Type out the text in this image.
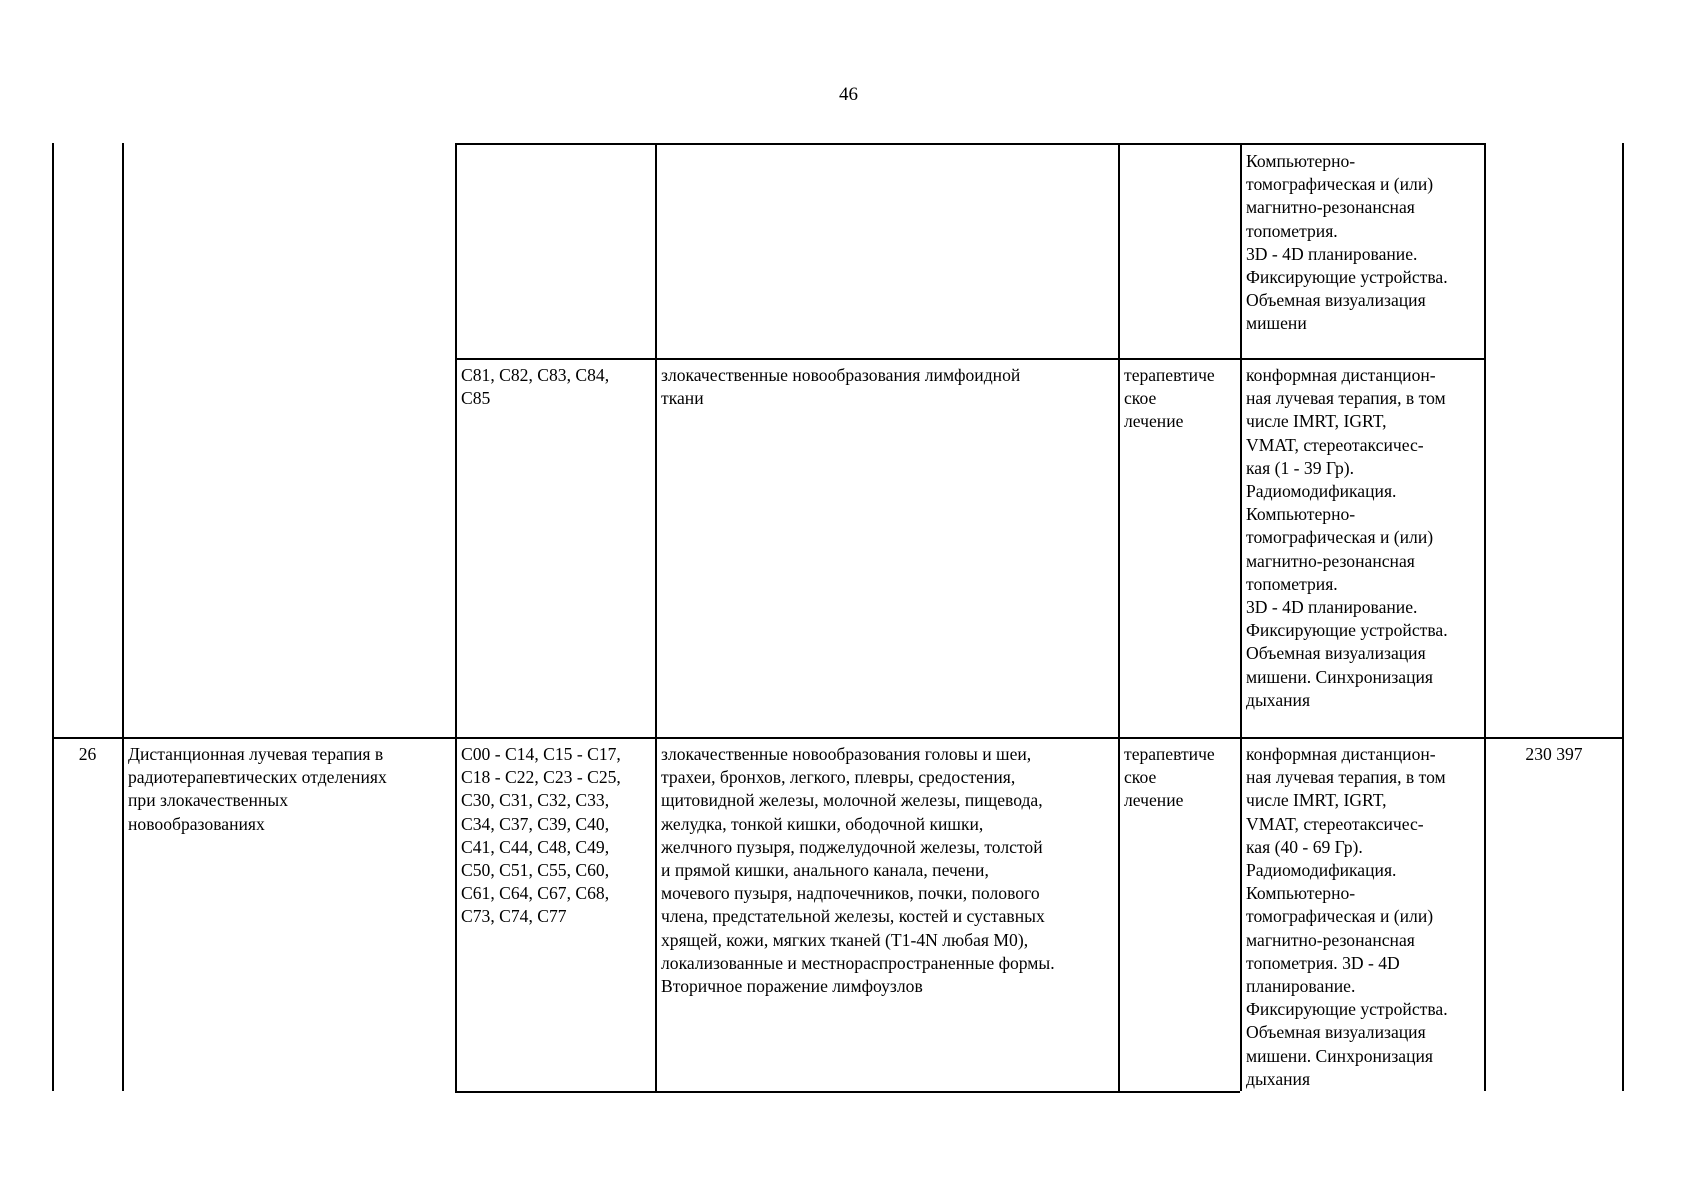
46
Компьютерно-
томографическая и (или)
магнитно-резонансная
топометрия.
3D - 4D планирование.
Фиксирующие устройства.
Объемная визуализация
мишени
C81, C82, C83, C84,
C85
злокачественные новообразования лимфоидной
ткани
терапевтиче
ское
лечение
конформная дистанцион-
ная лучевая терапия, в том
числе IMRT, IGRT,
VMAT, стереотаксичес-
кая (1 - 39 Гр).
Радиомодификация.
Компьютерно-
томографическая и (или)
магнитно-резонансная
топометрия.
3D - 4D планирование.
Фиксирующие устройства.
Объемная визуализация
мишени. Синхронизация
дыхания
26	Дистанционная лучевая терапия в
радиотерапевтических отделениях
при злокачественных
новообразованиях
C00 - C14, C15 - C17,
C18 - C22, C23 - C25,
C30, C31, C32, C33,
C34, C37, C39, C40,
C41, C44, C48, C49,
C50, C51, C55, C60,
C61, C64, C67, C68,
C73, C74, C77
злокачественные новообразования головы и шеи,
трахеи, бронхов, легкого, плевры, средостения,
щитовидной железы, молочной железы, пищевода,
желудка, тонкой кишки, ободочной кишки,
желчного пузыря, поджелудочной железы, толстой
и прямой кишки, анального канала, печени,
мочевого пузыря, надпочечников, почки, полового
члена, предстательной железы, костей и суставных
хрящей, кожи, мягких тканей (T1-4N любая M0),
локализованные и местнораспространенные формы.
Вторичное поражение лимфоузлов
терапевтиче
ское
лечение
конформная дистанцион-
ная лучевая терапия, в том
числе IMRT, IGRT,
VMAT, стереотаксичес-
кая (40 - 69 Гр).
Радиомодификация.
Компьютерно-
томографическая и (или)
магнитно-резонансная
топометрия. 3D - 4D
планирование.
Фиксирующие устройства.
Объемная визуализация
мишени. Синхронизация
дыхания
230 397
